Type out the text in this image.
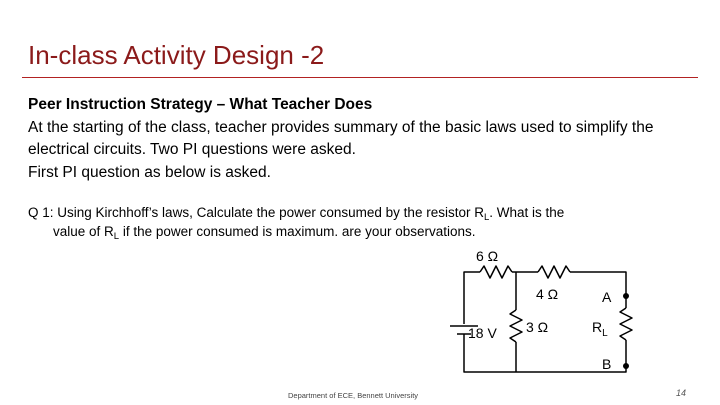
In-class Activity Design -2

Peer Instruction Strategy – What Teacher Does

At the starting of the class, teacher provides summary of the basic laws used to simplify the electrical circuits. Two PI questions were asked.

First PI question as below is asked.

Q 1: Using Kirchhoff’s laws, Calculate the power consumed by the resistor $R_L$. What is the
value of $R_L$ if the power consumed is maximum. are your observations.
6 Ω
4 Ω
3 Ω
18 V
A
B
$R_L$
Department of ECE, Bennett University	14
